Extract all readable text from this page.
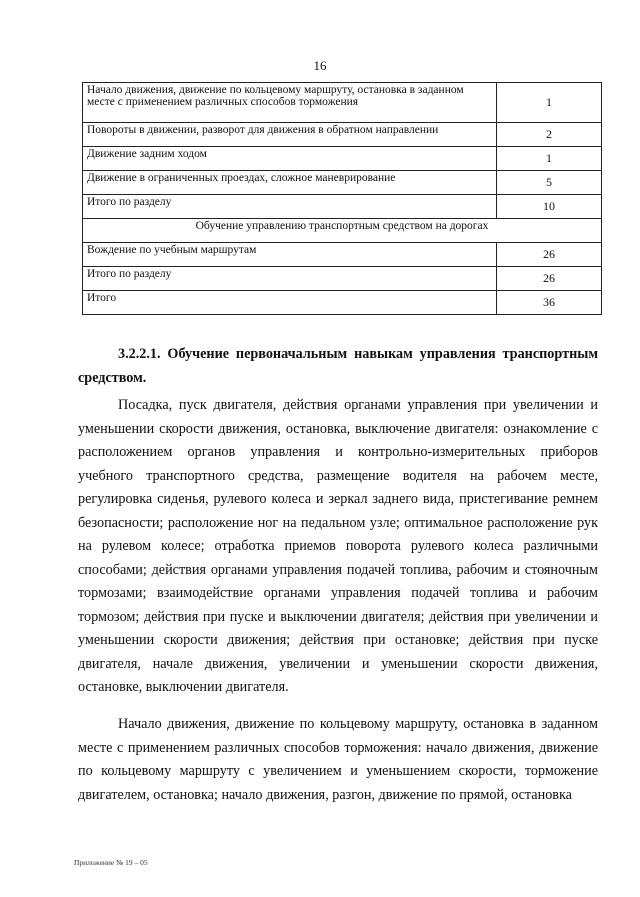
16
Начало движения, движение по кольцевому маршруту, остановка в заданном месте с применением различных способов торможения	1
Повороты в движении, разворот для движения в обратном направлении	2
Движение задним ходом	1
Движение в ограниченных проездах, сложное маневрирование	5
Итого по разделу	10
Обучение управлению транспортным средством на дорогах	
Вождение по учебным маршрутам	26
Итого по разделу	26
Итого	36
3.2.2.1. Обучение первоначальным навыкам управления транспортным средством.
Посадка, пуск двигателя, действия органами управления при увеличении и уменьшении скорости движения, остановка, выключение двигателя: ознакомление с расположением органов управления и контрольно-измерительных приборов учебного транспортного средства, размещение водителя на рабочем месте, регулировка сиденья, рулевого колеса и зеркал заднего вида, пристегивание ремнем безопасности; расположение ног на педальном узле; оптимальное расположение рук на рулевом колесе; отработка приемов поворота рулевого колеса различными способами; действия органами управления подачей топлива, рабочим и стояночным тормозами; взаимодействие органами управления подачей топлива и рабочим тормозом; действия при пуске и выключении двигателя; действия при увеличении и уменьшении скорости движения; действия при остановке; действия при пуске двигателя, начале движения, увеличении и уменьшении скорости движения, остановке, выключении двигателя.
Начало движения, движение по кольцевому маршруту, остановка в заданном месте с применением различных способов торможения: начало движения, движение по кольцевому маршруту с увеличением и уменьшением скорости, торможение двигателем, остановка; начало движения, разгон, движение по прямой, остановка
Приложение № 19 – 05
